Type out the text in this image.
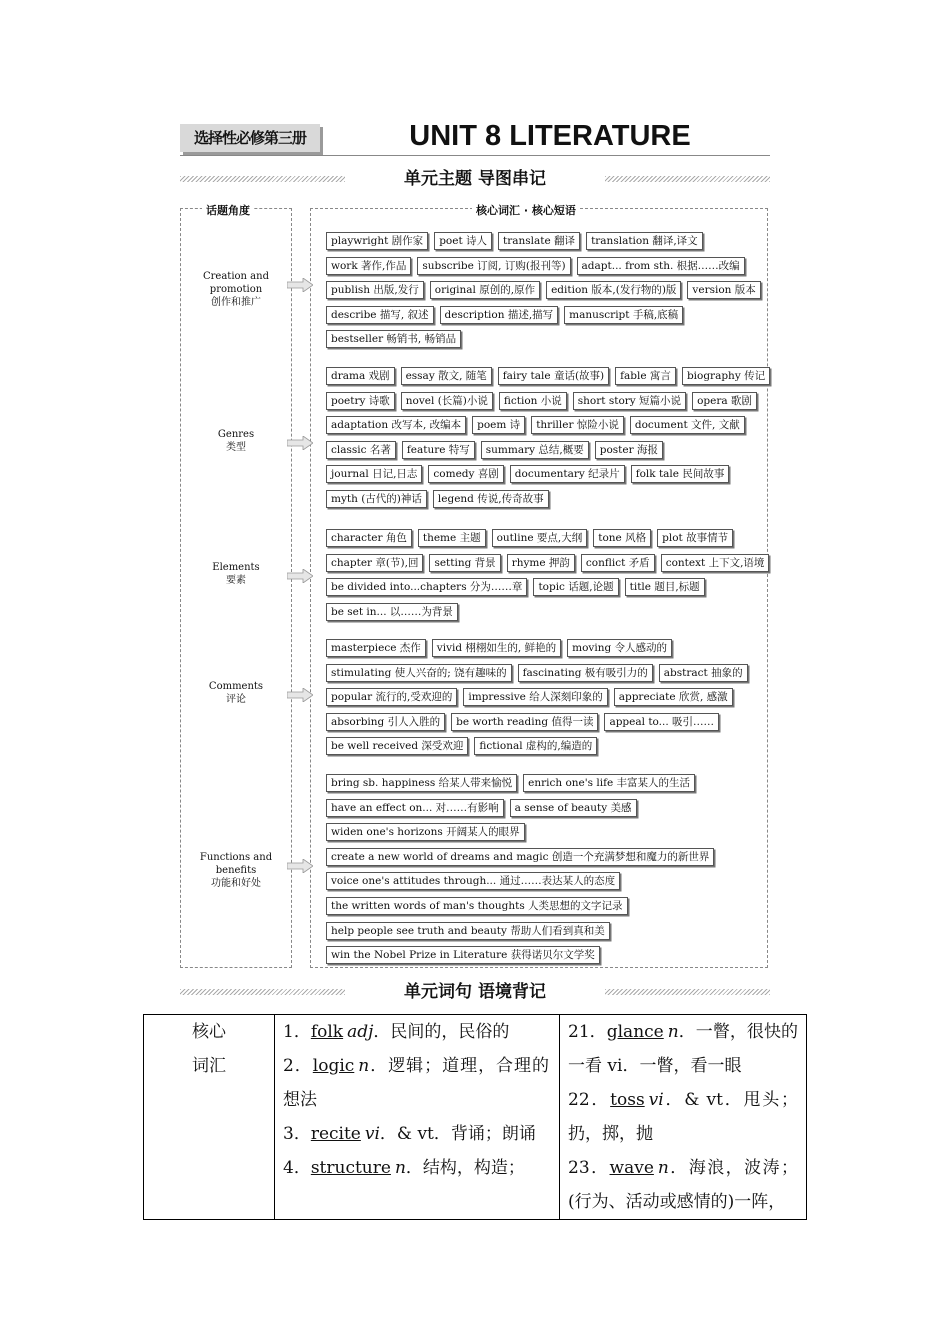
选择性必修第三册	UNIT 8 LITERATURE
单元主题 导图串记
话题角度	核心词汇 · 核心短语
Creation and promotion
创作和推广
playwright 剧作家	poet 诗人	translate 翻译	translation 翻译,译文
work 著作,作品	subscribe 订阅, 订购(报刊等)	adapt... from sth. 根据……改编
publish 出版,发行	original 原创的,原作	edition 版本,(发行物的)版	version 版本
describe 描写, 叙述	description 描述,描写	manuscript 手稿,底稿
bestseller 畅销书, 畅销品
Genres
类型
drama 戏剧	essay 散文, 随笔	fairy tale 童话(故事)	fable 寓言	biography 传记
poetry 诗歌	novel (长篇)小说	fiction 小说	short story 短篇小说	opera 歌剧
adaptation 改写本, 改编本	poem 诗	thriller 惊险小说	document 文件, 文献
classic 名著	feature 特写	summary 总结,概要	poster 海报
journal 日记,日志	comedy 喜剧	documentary 纪录片	folk tale 民间故事
myth (古代的)神话	legend 传说,传奇故事
Elements
要素
character 角色	theme 主题	outline 要点,大纲	tone 风格	plot 故事情节
chapter 章(节),回	setting 背景	rhyme 押韵	conflict 矛盾	context 上下文,语境
be divided into...chapters 分为……章	topic 话题,论题	title 题目,标题
be set in... 以……为背景
Comments
评论
masterpiece 杰作	vivid 栩栩如生的, 鲜艳的	moving 令人感动的
stimulating 使人兴奋的; 饶有趣味的	fascinating 极有吸引力的	abstract 抽象的
popular 流行的,受欢迎的	impressive 给人深刻印象的	appreciate 欣赏, 感激
absorbing 引人入胜的	be worth reading 值得一读	appeal to... 吸引……
be well received 深受欢迎	fictional 虚构的,编造的
Functions and benefits
功能和好处
bring sb. happiness 给某人带来愉悦	enrich one's life 丰富某人的生活
have an effect on... 对……有影响	a sense of beauty 美感
widen one's horizons 开阔某人的眼界
create a new world of dreams and magic 创造一个充满梦想和魔力的新世界
voice one's attitudes through... 通过……表达某人的态度
the written words of man's thoughts 人类思想的文字记录
help people see truth and beauty 帮助人们看到真和美
win the Nobel Prize in Literature 获得诺贝尔文学奖
单元词句 语境背记
核心词汇

1．folk adj．民间的，民俗的
2．logic n．逻辑；道理，合理的想法
3．recite vi．& vt．背诵；朗诵
4．structure n．结构，构造；

21．glance n．一瞥，很快的一看 vi．一瞥，看一眼
22．toss vi．& vt．甩头；扔，掷，抛
23．wave n．海浪，波涛；(行为、活动或感情的)一阵，
